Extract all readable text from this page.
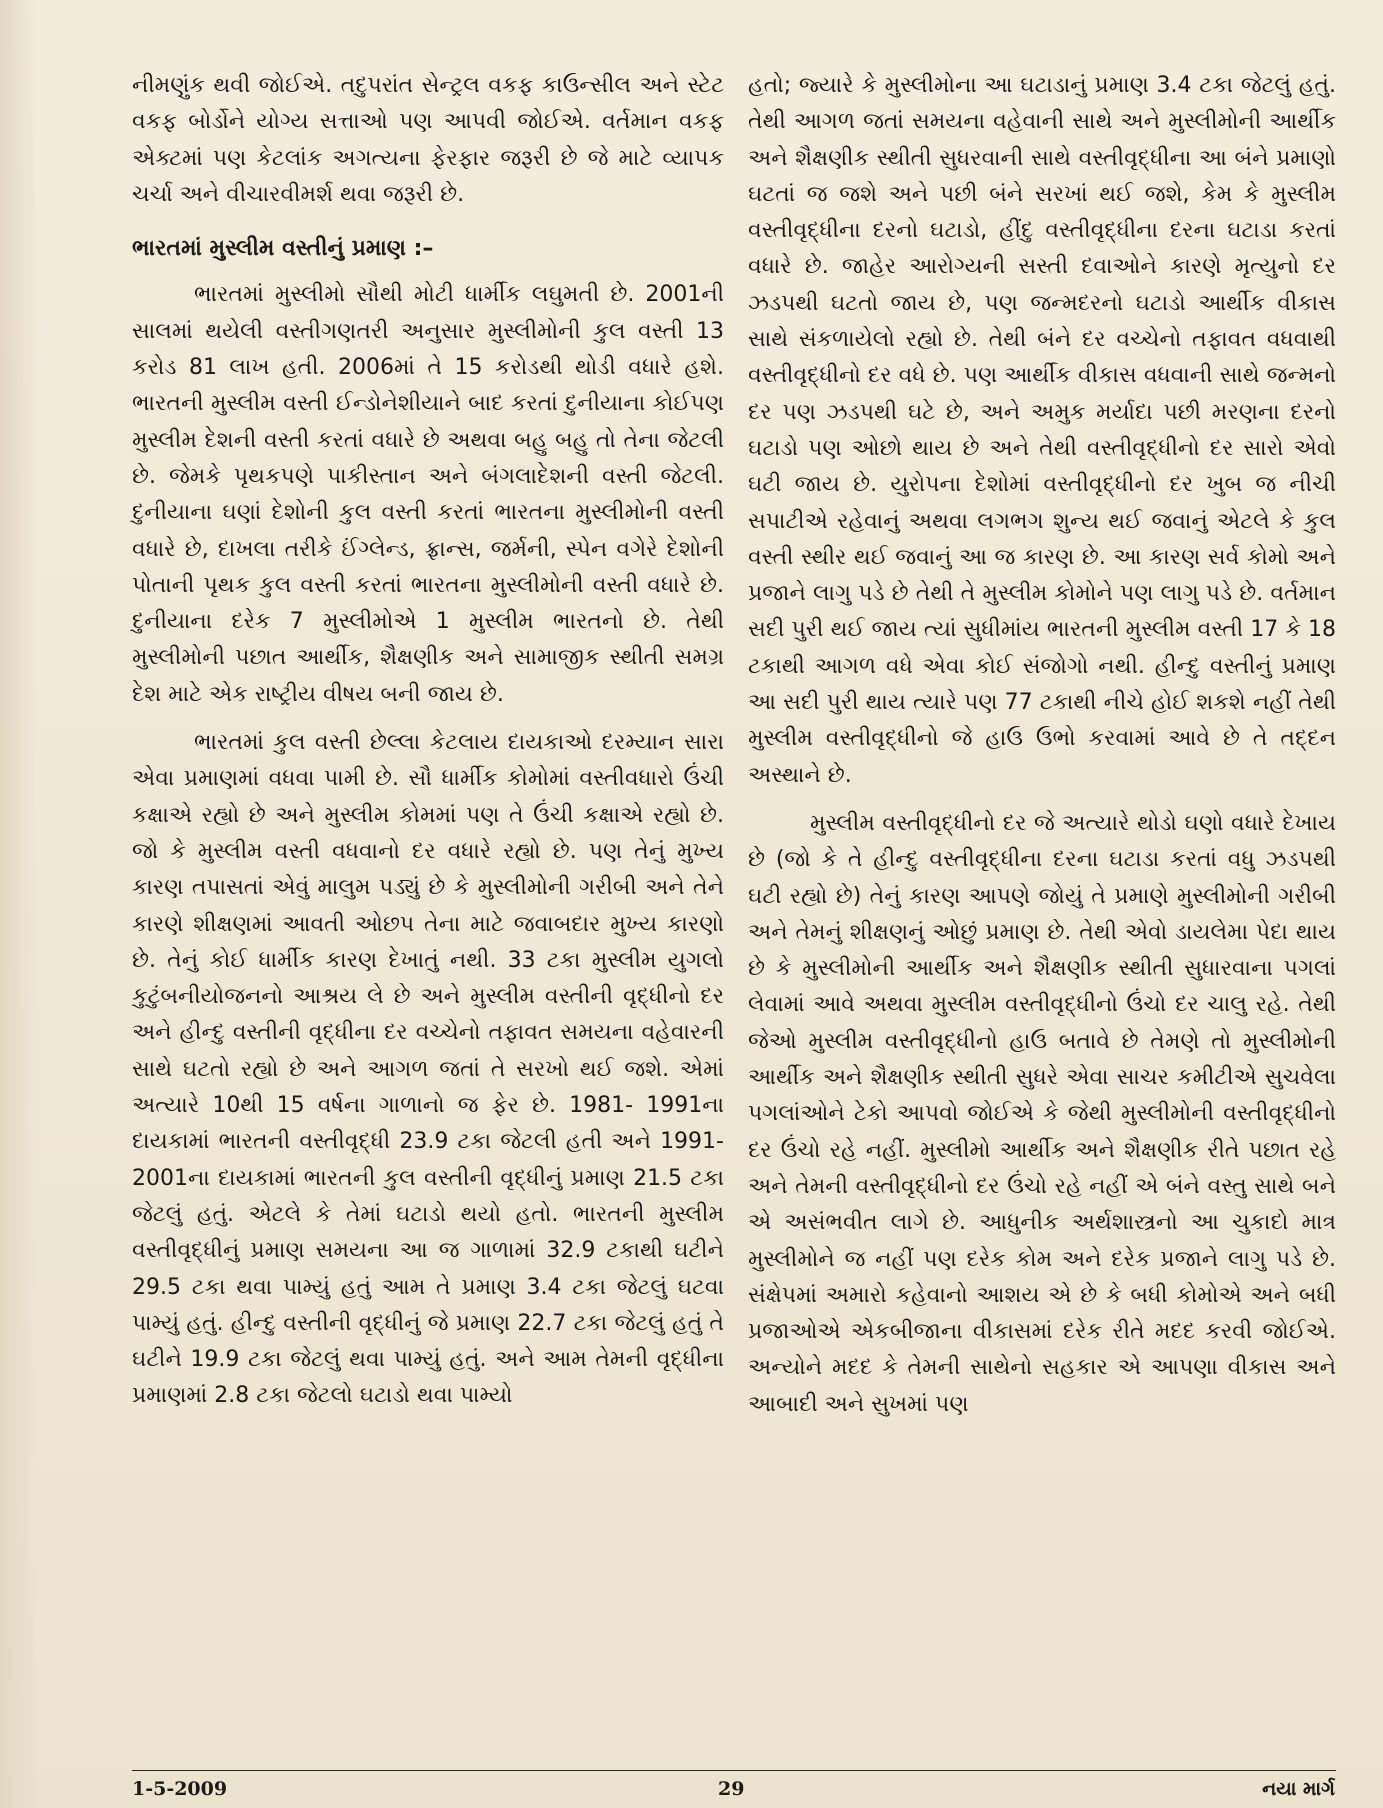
નીમણુંક થવી જોઈએ. તદુપરાંત સેન્ટ્રલ વકફ કાઉન્સીલ અને સ્ટેટ વકફ બોર્ડોને યોગ્ય સત્તાઓ પણ આપવી જોઈએ. વર્તમાન વકફ એક્ટમાં પણ કેટલાંક અગત્યના ફેરફાર જરૂરી છે જે માટે વ્યાપક ચર્ચા અને વીચારવીમર્શ થવા જરૂરી છે.

ભારતમાં મુસ્લીમ વસ્તીનું પ્રમાણ :–

ભારતમાં મુસ્લીમો સૌથી મોટી ધાર્મીક લઘુમતી છે. 2001ની સાલમાં થયેલી વસ્તીગણતરી અનુસાર મુસ્લીમોની કુલ વસ્તી 13 કરોડ 81 લાખ હતી. 2006માં તે 15 કરોડથી થોડી વધારે હશે. ભારતની મુસ્લીમ વસ્તી ઈન્ડોનેશીયાને બાદ કરતાં દુનીયાના કોઈપણ મુસ્લીમ દેશની વસ્તી કરતાં વધારે છે અથવા બહુ બહુ તો તેના જેટલી છે. જેમકે પૃથકપણે પાકીસ્તાન અને બંગલાદેશની વસ્તી જેટલી. દુનીયાના ઘણાં દેશોની કુલ વસ્તી કરતાં ભારતના મુસ્લીમોની વસ્તી વધારે છે, દાખલા તરીકે ઈંગ્લેન્ડ, ફ્રાન્સ, જર્મની, સ્પેન વગેરે દેશોની પોતાની પૃથક કુલ વસ્તી કરતાં ભારતના મુસ્લીમોની વસ્તી વધારે છે. દુનીયાના દરેક 7 મુસ્લીમોએ 1 મુસ્લીમ ભારતનો છે. તેથી મુસ્લીમોની પછાત આર્થીક, શૈક્ષણીક અને સામાજીક સ્થીતી સમગ્ર દેશ માટે એક રાષ્ટ્રીય વીષય બની જાય છે.

ભારતમાં કુલ વસ્તી છેલ્લા કેટલાય દાયકાઓ દરમ્યાન સારા એવા પ્રમાણમાં વધવા પામી છે. સૌ ધાર્મીક કોમોમાં વસ્તીવધારો ઉંચી કક્ષાએ રહ્યો છે અને મુસ્લીમ કોમમાં પણ તે ઉંચી કક્ષાએ રહ્યો છે. જો કે મુસ્લીમ વસ્તી વધવાનો દર વધારે રહ્યો છે. પણ તેનું મુખ્ય કારણ તપાસતાં એવું માલુમ પડ્યું છે કે મુસ્લીમોની ગરીબી અને તેને કારણે શીક્ષણમાં આવતી ઓછપ તેના માટે જવાબદાર મુખ્ય કારણો છે. તેનું કોઈ ધાર્મીક કારણ દેખાતું નથી. 33 ટકા મુસ્લીમ યુગલો કુટુંબનીયોજનનો આશ્રય લે છે અને મુસ્લીમ વસ્તીની વૃદ્ધીનો દર અને હીન્દુ વસ્તીની વૃદ્ધીના દર વચ્ચેનો તફાવત સમયના વહેવારની સાથે ઘટતો રહ્યો છે અને આગળ જતાં તે સરખો થઈ જશે. એમાં અત્યારે 10થી 15 વર્ષના ગાળાનો જ ફેર છે. 1981- 1991ના દાયકામાં ભારતની વસ્તીવૃદ્ધી 23.9 ટકા જેટલી હતી અને 1991-2001ના દાયકામાં ભારતની કુલ વસ્તીની વૃદ્ધીનું પ્રમાણ 21.5 ટકા જેટલું હતું. એટલે કે તેમાં ઘટાડો થયો હતો. ભારતની મુસ્લીમ વસ્તીવૃદ્ધીનું પ્રમાણ સમયના આ જ ગાળામાં 32.9 ટકાથી ઘટીને 29.5 ટકા થવા પામ્યું હતું આમ તે પ્રમાણ 3.4 ટકા જેટલું ઘટવા પામ્યું હતું. હીન્દુ વસ્તીની વૃદ્ધીનું જે પ્રમાણ 22.7 ટકા જેટલું હતું તે ઘટીને 19.9 ટકા જેટલું થવા પામ્યું હતું. અને આમ તેમની વૃદ્ધીના પ્રમાણમાં 2.8 ટકા જેટલો ઘટાડો થવા પામ્યો

હતો; જ્યારે કે મુસ્લીમોના આ ઘટાડાનું પ્રમાણ 3.4 ટકા જેટલું હતું. તેથી આગળ જતાં સમયના વહેવાની સાથે અને મુસ્લીમોની આર્થીક અને શૈક્ષણીક સ્થીતી સુધરવાની સાથે વસ્તીવૃદ્ધીના આ બંને પ્રમાણો ઘટતાં જ જશે અને પછી બંને સરખાં થઈ જશે, કેમ કે મુસ્લીમ વસ્તીવૃદ્ધીના દરનો ઘટાડો, હીંદુ વસ્તીવૃદ્ધીના દરના ઘટાડા કરતાં વધારે છે. જાહેર આરોગ્યની સસ્તી દવાઓને કારણે મૃત્યુનો દર ઝડપથી ઘટતો જાય છે, પણ જન્મદરનો ઘટાડો આર્થીક વીકાસ સાથે સંકળાયેલો રહ્યો છે. તેથી બંને દર વચ્ચેનો તફાવત વધવાથી વસ્તીવૃદ્ધીનો દર વધે છે. પણ આર્થીક વીકાસ વધવાની સાથે જન્મનો દર પણ ઝડપથી ઘટે છે, અને અમુક મર્યાદા પછી મરણના દરનો ઘટાડો પણ ઓછો થાય છે અને તેથી વસ્તીવૃદ્ધીનો દર સારો એવો ઘટી જાય છે. યુરોપના દેશોમાં વસ્તીવૃદ્ધીનો દર ખુબ જ નીચી સપાટીએ રહેવાનું અથવા લગભગ શુન્ય થઈ જવાનું એટલે કે કુલ વસ્તી સ્થીર થઈ જવાનું આ જ કારણ છે. આ કારણ સર્વ કોમો અને પ્રજાને લાગુ પડે છે તેથી તે મુસ્લીમ કોમોને પણ લાગુ પડે છે. વર્તમાન સદી પુરી થઈ જાય ત્યાં સુધીમાંય ભારતની મુસ્લીમ વસ્તી 17 કે 18 ટકાથી આગળ વધે એવા કોઈ સંજોગો નથી. હીન્દુ વસ્તીનું પ્રમાણ આ સદી પુરી થાય ત્યારે પણ 77 ટકાથી નીચે હોઈ શકશે નહીં તેથી મુસ્લીમ વસ્તીવૃદ્ધીનો જે હાઉ ઉભો કરવામાં આવે છે તે તદ્દન અસ્થાને છે.

મુસ્લીમ વસ્તીવૃદ્ધીનો દર જે અત્યારે થોડો ઘણો વધારે દેખાય છે (જો કે તે હીન્દુ વસ્તીવૃદ્ધીના દરના ઘટાડા કરતાં વધુ ઝડપથી ઘટી રહ્યો છે) તેનું કારણ આપણે જોયું તે પ્રમાણે મુસ્લીમોની ગરીબી અને તેમનું શીક્ષણનું ઓછું પ્રમાણ છે. તેથી એવો ડાયલેમા પેદા થાય છે કે મુસ્લીમોની આર્થીક અને શૈક્ષણીક સ્થીતી સુધારવાના પગલાં લેવામાં આવે અથવા મુસ્લીમ વસ્તીવૃદ્ધીનો ઉંચો દર ચાલુ રહે. તેથી જેઓ મુસ્લીમ વસ્તીવૃદ્ધીનો હાઉ બતાવે છે તેમણે તો મુસ્લીમોની આર્થીક અને શૈક્ષણીક સ્થીતી સુધરે એવા સાચર કમીટીએ સુચવેલા પગલાંઓને ટેકો આપવો જોઈએ કે જેથી મુસ્લીમોની વસ્તીવૃદ્ધીનો દર ઉંચો રહે નહીં. મુસ્લીમો આર્થીક અને શૈક્ષણીક રીતે પછાત રહે અને તેમની વસ્તીવૃદ્ધીનો દર ઉંચો રહે નહીં એ બંને વસ્તુ સાથે બને એ અસંભવીત લાગે છે. આધુનીક અર્થશાસ્ત્રનો આ ચુકાદો માત્ર મુસ્લીમોને જ નહીં પણ દરેક કોમ અને દરેક પ્રજાને લાગુ પડે છે. સંક્ષેપમાં અમારો કહેવાનો આશય એ છે કે બધી કોમોએ અને બધી પ્રજાઓએ એકબીજાના વીકાસમાં દરેક રીતે મદદ કરવી જોઈએ. અન્યોને મદદ કે તેમની સાથેનો સહકાર એ આપણા વીકાસ અને આબાદી અને સુખમાં પણ

1-5-2009	29	નયા માર્ગ
